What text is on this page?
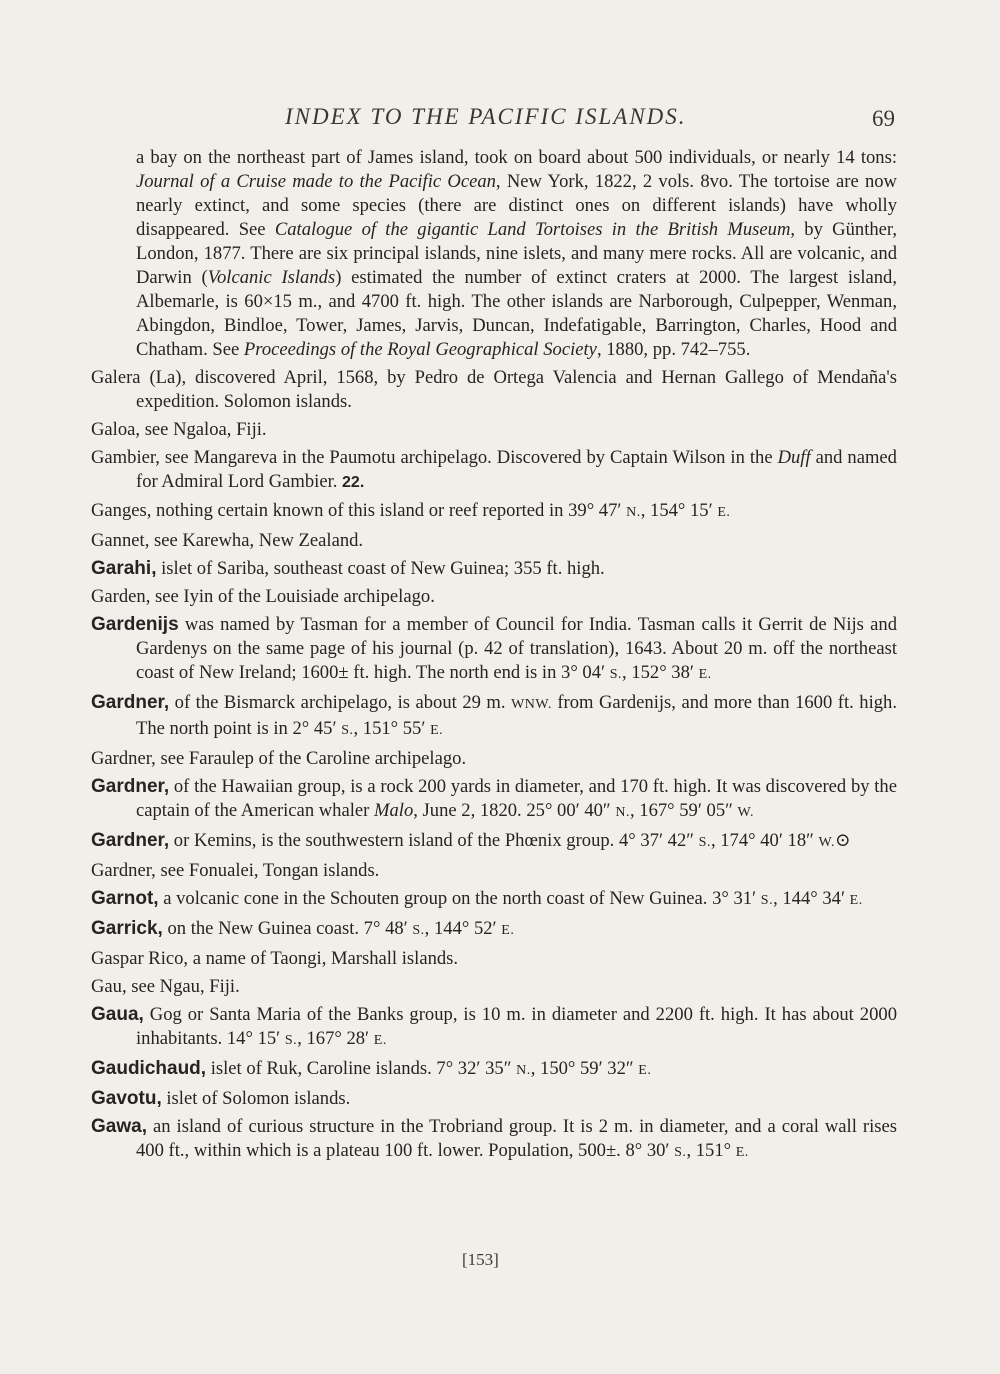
INDEX TO THE PACIFIC ISLANDS.	69

a bay on the northeast part of James island, took on board about 500 individuals, or nearly 14 tons: Journal of a Cruise made to the Pacific Ocean, New York, 1822, 2 vols. 8vo. The tortoise are now nearly extinct, and some species (there are distinct ones on different islands) have wholly disappeared. See Catalogue of the gigantic Land Tortoises in the British Museum, by Günther, London, 1877. There are six principal islands, nine islets, and many mere rocks. All are volcanic, and Darwin (Volcanic Islands) estimated the number of extinct craters at 2000. The largest island, Albemarle, is 60×15 m., and 4700 ft. high. The other islands are Narborough, Culpepper, Wenman, Abingdon, Bindloe, Tower, James, Jarvis, Duncan, Indefatigable, Barrington, Charles, Hood and Chatham. See Proceedings of the Royal Geographical Society, 1880, pp. 742–755.

Galera (La), discovered April, 1568, by Pedro de Ortega Valencia and Hernan Gallego of Mendaña's expedition. Solomon islands.

Galoa, see Ngaloa, Fiji.

Gambier, see Mangareva in the Paumotu archipelago. Discovered by Captain Wilson in the Duff and named for Admiral Lord Gambier. 22.

Ganges, nothing certain known of this island or reef reported in 39° 47′ N., 154° 15′ E.

Gannet, see Karewha, New Zealand.

Garahi, islet of Sariba, southeast coast of New Guinea; 355 ft. high.

Garden, see Iyin of the Louisiade archipelago.

Gardenijs was named by Tasman for a member of Council for India. Tasman calls it Gerrit de Nijs and Gardenys on the same page of his journal (p. 42 of translation), 1643. About 20 m. off the northeast coast of New Ireland; 1600± ft. high. The north end is in 3° 04′ S., 152° 38′ E.

Gardner, of the Bismarck archipelago, is about 29 m. WNW. from Gardenijs, and more than 1600 ft. high. The north point is in 2° 45′ S., 151° 55′ E.

Gardner, see Faraulep of the Caroline archipelago.

Gardner, of the Hawaiian group, is a rock 200 yards in diameter, and 170 ft. high. It was discovered by the captain of the American whaler Malo, June 2, 1820. 25° 00′ 40″ N., 167° 59′ 05″ W.

Gardner, or Kemins, is the southwestern island of the Phœnix group. 4° 37′ 42″ S., 174° 40′ 18″ W.⊙

Gardner, see Fonualei, Tongan islands.

Garnot, a volcanic cone in the Schouten group on the north coast of New Guinea. 3° 31′ S., 144° 34′ E.

Garrick, on the New Guinea coast. 7° 48′ S., 144° 52′ E.

Gaspar Rico, a name of Taongi, Marshall islands.

Gau, see Ngau, Fiji.

Gaua, Gog or Santa Maria of the Banks group, is 10 m. in diameter and 2200 ft. high. It has about 2000 inhabitants. 14° 15′ S., 167° 28′ E.

Gaudichaud, islet of Ruk, Caroline islands. 7° 32′ 35″ N., 150° 59′ 32″ E.

Gavotu, islet of Solomon islands.

Gawa, an island of curious structure in the Trobriand group. It is 2 m. in diameter, and a coral wall rises 400 ft., within which is a plateau 100 ft. lower. Population, 500±. 8° 30′ S., 151° E.

[153]
